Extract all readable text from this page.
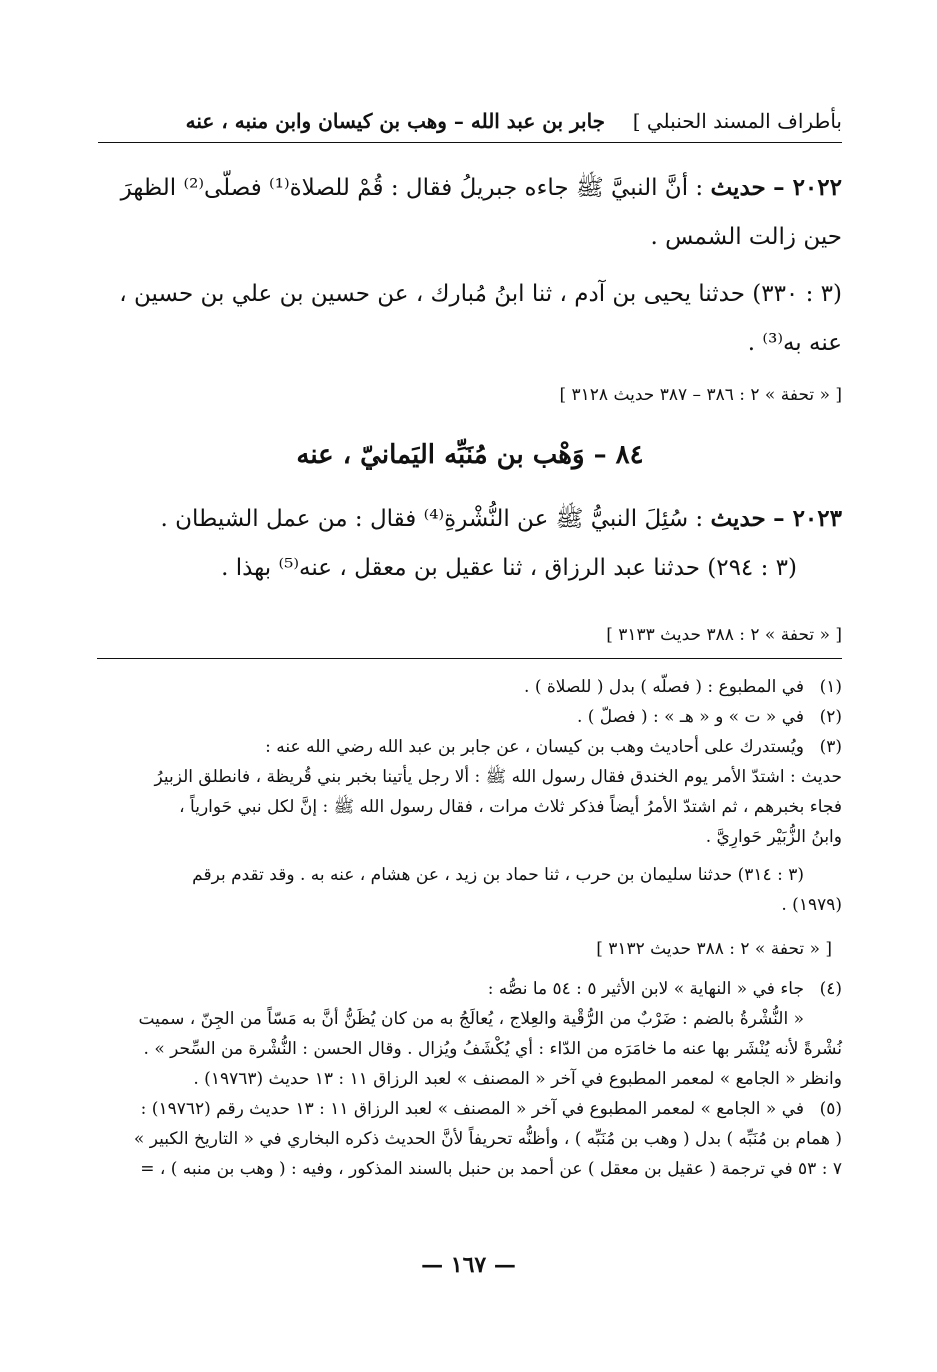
بأطراف المسند الحنبلي ]
جابر بن عبد الله – وهب بن كيسان وابن منبه ، عنه
٢٠٢٢ – حديث : أنَّ النبيَّ ﷺ جاءه جبريلُ فقال : قُمْ للصلاة⁽¹⁾ فصلّى⁽²⁾ الظهرَ
حين زالت الشمس .
(٣ : ٣٣٠) حدثنا يحيى بن آدم ، ثنا ابنُ مُبارك ، عن حسين بن علي بن حسين ،
عنه به⁽³⁾ .
[ « تحفة » ٢ : ٣٨٦ – ٣٨٧ حديث ٣١٢٨ ]
٨٤ – وَهْب بن مُنَبِّه اليَمانيّ ، عنه
٢٠٢٣ – حديث : سُئِلَ النبيُّ ﷺ عن النُّشْرةِ⁽⁴⁾ فقال : من عمل الشيطان .
(٣ : ٢٩٤) حدثنا عبد الرزاق ، ثنا عقيل بن معقل ، عنه⁽⁵⁾ بهذا .
[ « تحفة » ٢ : ٣٨٨ حديث ٣١٣٣ ]
(١)
في المطبوع : ( فصلّه ) بدل ( للصلاة ) .
(٢)
في « ت » و « هـ » : ( فصلّ ) .
(٣)
ويُستدرك على أحاديث وهب بن كيسان ، عن جابر بن عبد الله رضي الله عنه :
حديث : اشتدّ الأمر يوم الخندق فقال رسول الله ﷺ : ألا رجل يأتينا بخبر بني قُريظة ، فانطلق الزبيرُ
فجاء بخبرهم ، ثم اشتدّ الأمرُ أيضاً فذكر ثلاث مرات ، فقال رسول الله ﷺ : إنَّ لكل نبي حَوارياً ،
وابنُ الزُّبَيْر حَوارِيَّ .
(٣ : ٣١٤) حدثنا سليمان بن حرب ، ثنا حماد بن زيد ، عن هشام ، عنه به . وقد تقدم برقم
(١٩٧٩) .
[ « تحفة » ٢ : ٣٨٨ حديث ٣١٣٢ ]
(٤)
جاء في « النهاية » لابن الأثير ٥ : ٥٤ ما نصُّه :
« النُّشْرةُ بالضم : ضَرْبٌ من الرُّقْية والعِلاج ، يُعالَجُ به من كان يُظَنُّ أنَّ به مَسّاً من الجِنّ ، سميت
نُشْرةً لأنه يُنْشَر بها عنه ما خامَرَه من الدّاء : أي يُكْشَفُ ويُزال . وقال الحسن : النُّشْرة من السِّحر » .
وانظر « الجامع » لمعمر المطبوع في آخر « المصنف » لعبد الرزاق ١١ : ١٣ حديث (١٩٧٦٣) .
(٥)
في « الجامع » لمعمر المطبوع في آخر « المصنف » لعبد الرزاق ١١ : ١٣ حديث رقم (١٩٧٦٢) :
( همام بن مُنَبِّه ) بدل ( وهب بن مُنَبِّه ) ، وأظنُّه تحريفاً لأنَّ الحديث ذكره البخاري في « التاريخ الكبير »
٧ : ٥٣ في ترجمة ( عقيل بن معقل ) عن أحمد بن حنبل بالسند المذكور ، وفيه : ( وهب بن منبه ) ، =
— ١٦٧ —
